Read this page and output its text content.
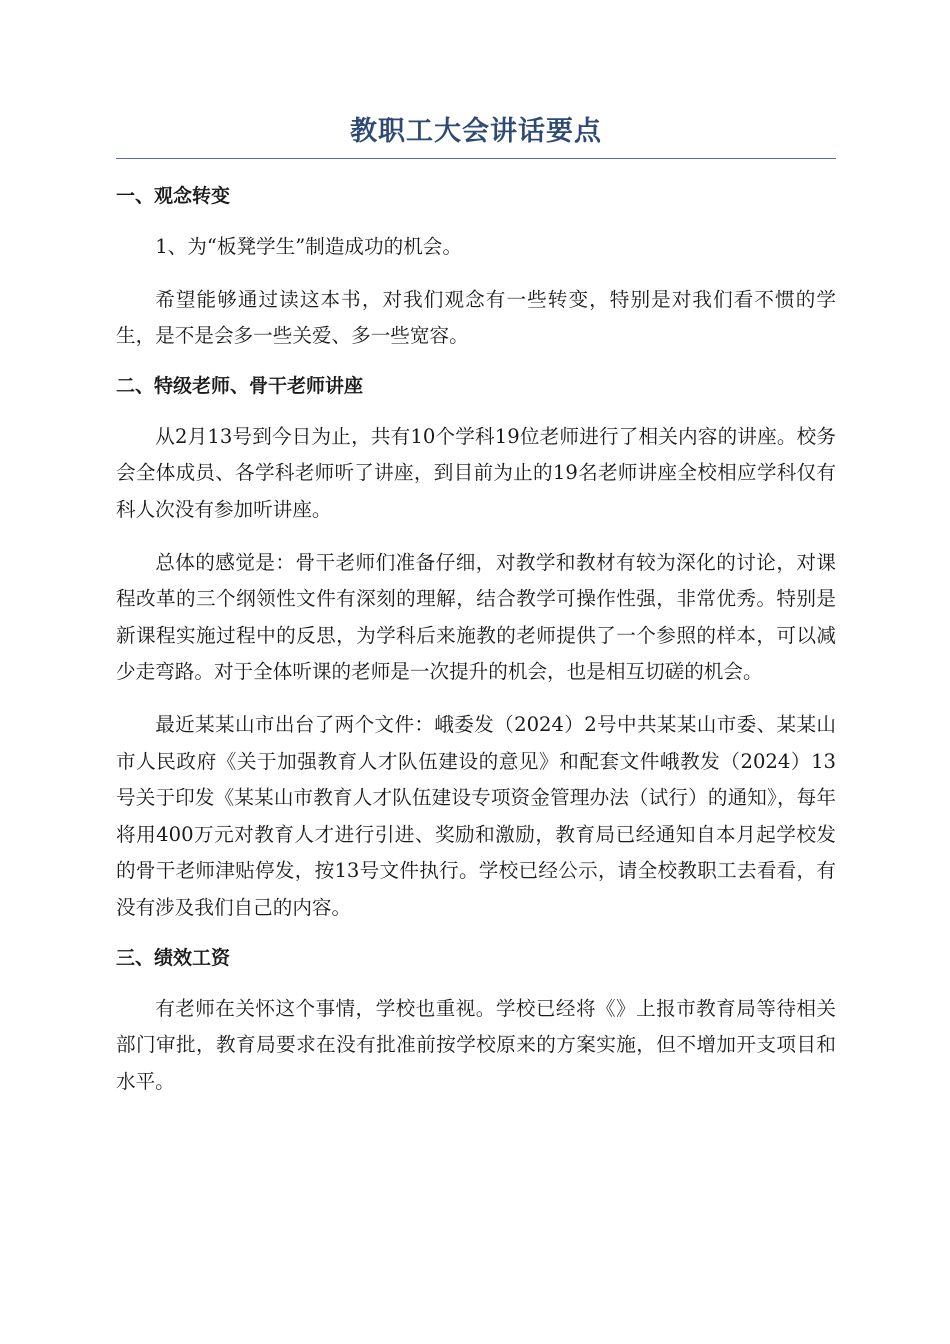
教职工大会讲话要点
一、观念转变

1、为“板凳学生”制造成功的机会。

希望能够通过读这本书，对我们观念有一些转变，特别是对我们看不惯的学生，是不是会多一些关爱、多一些宽容。

二、特级老师、骨干老师讲座

从2月13号到今日为止，共有10个学科19位老师进行了相关内容的讲座。校务会全体成员、各学科老师听了讲座，到目前为止的19名老师讲座全校相应学科仅有科人次没有参加听讲座。

总体的感觉是：骨干老师们准备仔细，对教学和教材有较为深化的讨论，对课程改革的三个纲领性文件有深刻的理解，结合教学可操作性强，非常优秀。特别是新课程实施过程中的反思，为学科后来施教的老师提供了一个参照的样本，可以减少走弯路。对于全体听课的老师是一次提升的机会，也是相互切磋的机会。

最近某某山市出台了两个文件：峨委发（2024）2号中共某某山市委、某某山市人民政府《关于加强教育人才队伍建设的意见》和配套文件峨教发（2024）13号关于印发《某某山市教育人才队伍建设专项资金管理办法（试行）的通知》，每年将用400万元对教育人才进行引进、奖励和激励，教育局已经通知自本月起学校发的骨干老师津贴停发，按13号文件执行。学校已经公示，请全校教职工去看看，有没有涉及我们自己的内容。

三、绩效工资

有老师在关怀这个事情，学校也重视。学校已经将《》上报市教育局等待相关部门审批，教育局要求在没有批准前按学校原来的方案实施，但不增加开支项目和水平。
